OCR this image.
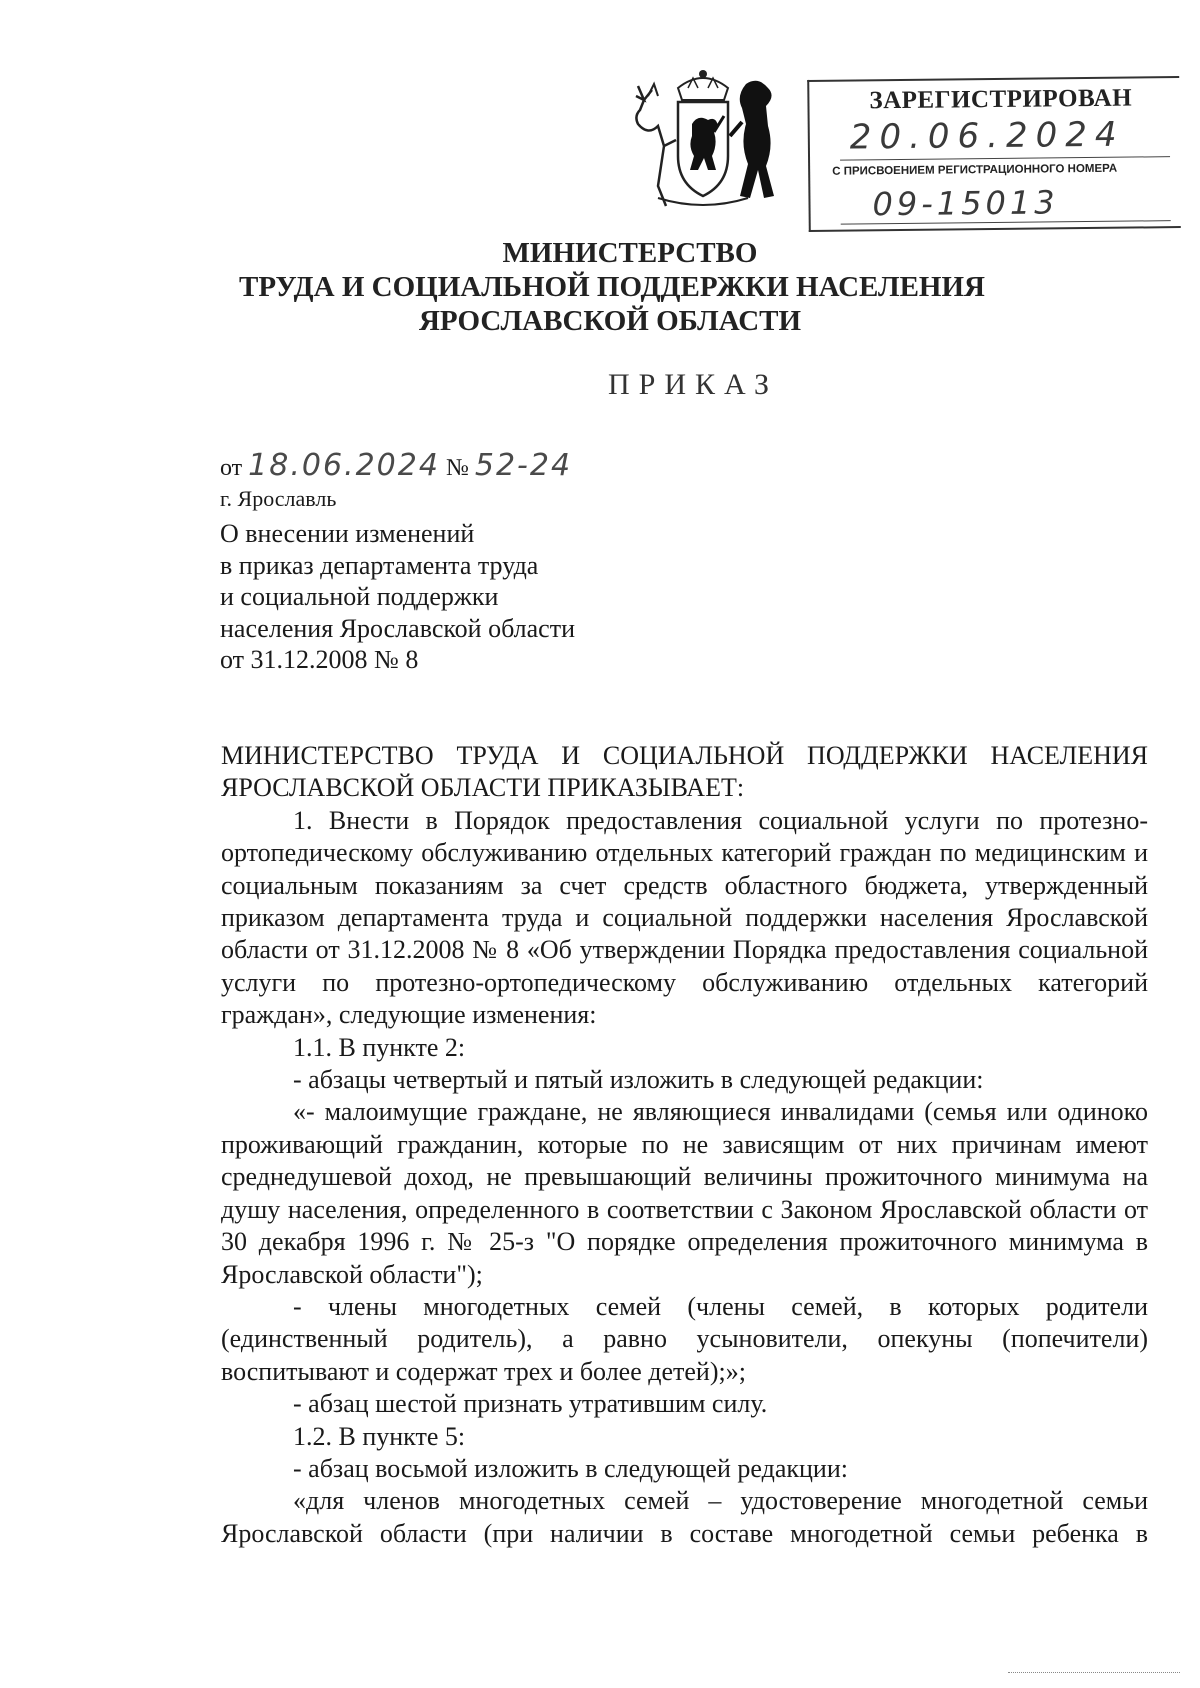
ЗАРЕГИСТРИРОВАН
20.06.2024
С ПРИСВОЕНИЕМ РЕГИСТРАЦИОННОГО НОМЕРА
09-15013
МИНИСТЕРСТВО
ТРУДА И СОЦИАЛЬНОЙ ПОДДЕРЖКИ НАСЕЛЕНИЯ
ЯРОСЛАВСКОЙ ОБЛАСТИ
ПРИКАЗ
от 18.06.2024 № 52-24
г. Ярославль
О внесении изменений
в приказ департамента труда
и социальной поддержки
населения Ярославской области
от 31.12.2008 № 8

МИНИСТЕРСТВО ТРУДА И СОЦИАЛЬНОЙ ПОДДЕРЖКИ НАСЕЛЕНИЯ ЯРОСЛАВСКОЙ ОБЛАСТИ ПРИКАЗЫВАЕТ:

1. Внести в Порядок предоставления социальной услуги по протезно-ортопедическому обслуживанию отдельных категорий граждан по медицинским и социальным показаниям за счет средств областного бюджета, утвержденный приказом департамента труда и социальной поддержки населения Ярославской области от 31.12.2008 № 8 «Об утверждении Порядка предоставления социальной услуги по протезно-ортопедическому обслуживанию отдельных категорий граждан», следующие изменения:

1.1. В пункте 2:

- абзацы четвертый и пятый изложить в следующей редакции:

«- малоимущие граждане, не являющиеся инвалидами (семья или одиноко проживающий гражданин, которые по не зависящим от них причинам имеют среднедушевой доход, не превышающий величины прожиточного минимума на душу населения, определенного в соответствии с Законом Ярославской области от 30 декабря 1996 г. № 25-з "О порядке определения прожиточного минимума в Ярославской области");

- члены многодетных семей (члены семей, в которых родители (единственный родитель), а равно усыновители, опекуны (попечители) воспитывают и содержат трех и более детей);»;

- абзац шестой признать утратившим силу.

1.2. В пункте 5:

- абзац восьмой изложить в следующей редакции:

«для членов многодетных семей – удостоверение многодетной семьи Ярославской области (при наличии в составе многодетной семьи ребенка в
